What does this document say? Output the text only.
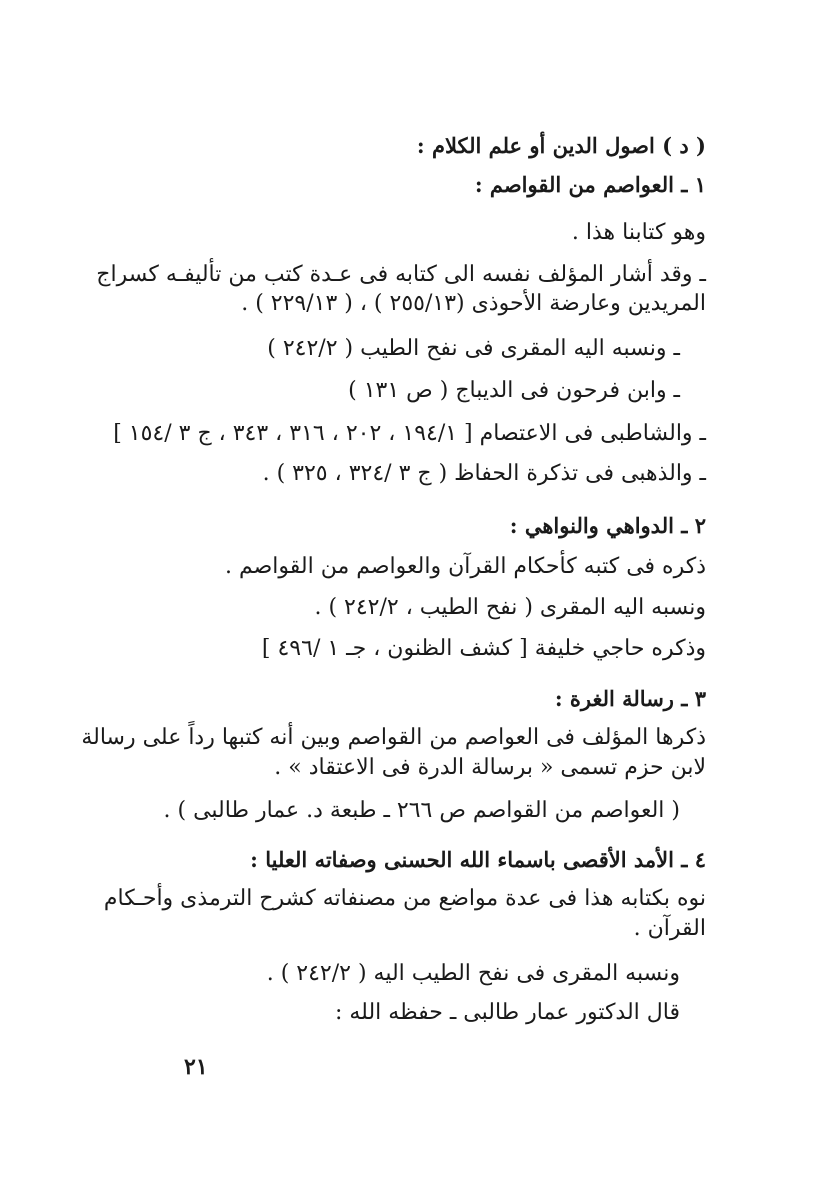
( د ) اصول الدين أو علم الكلام :

١ ـ العواصم من القواصم :

وهو كتابنا هذا .

ـ وقد أشار المؤلف نفسه الى كتابه فى عـدة كتب من تأليفـه كسراج

المريدين وعارضة الأحوذى (٢٥٥/١٣ ) ، ( ٢٢٩/١٣ ) .

ـ ونسبه اليه المقرى فى نفح الطيب ( ٢٤٢/٢ )

ـ وابن فرحون فى الديباج ( ص ١٣١ )

ـ والشاطبى فى الاعتصام [ ١٩٤/١ ، ٢٠٢ ، ٣١٦ ، ٣٤٣ ، ج ٣ /١٥٤ ]

ـ والذهبى فى تذكرة الحفاظ ( ج ٣ /٣٢٤ ، ٣٢٥ ) .

٢ ـ الدواهي والنواهي :

ذكره فى كتبه كأحكام القرآن والعواصم من القواصم .

ونسبه اليه المقرى ( نفح الطيب ، ٢٤٢/٢ ) .

وذكره حاجي خليفة [ كشف الظنون ، جـ ١ /٤٩٦ ]

٣ ـ رسالة الغرة :

ذكرها المؤلف فى العواصم من القواصم وبين أنه كتبها رداً على رسالة

لابن حزم تسمى « برسالة الدرة فى الاعتقاد » .

( العواصم من القواصم ص ٢٦٦ ـ طبعة د. عمار طالبى ) .

٤ ـ الأمد الأقصى باسماء الله الحسنى وصفاته العليا :

نوه بكتابه هذا فى عدة مواضع من مصنفاته كشرح الترمذى وأحـكام

القرآن .

ونسبه المقرى فى نفح الطيب اليه ( ٢٤٢/٢ ) .

قال الدكتور عمار طالبى ـ حفظه الله :

٢١
